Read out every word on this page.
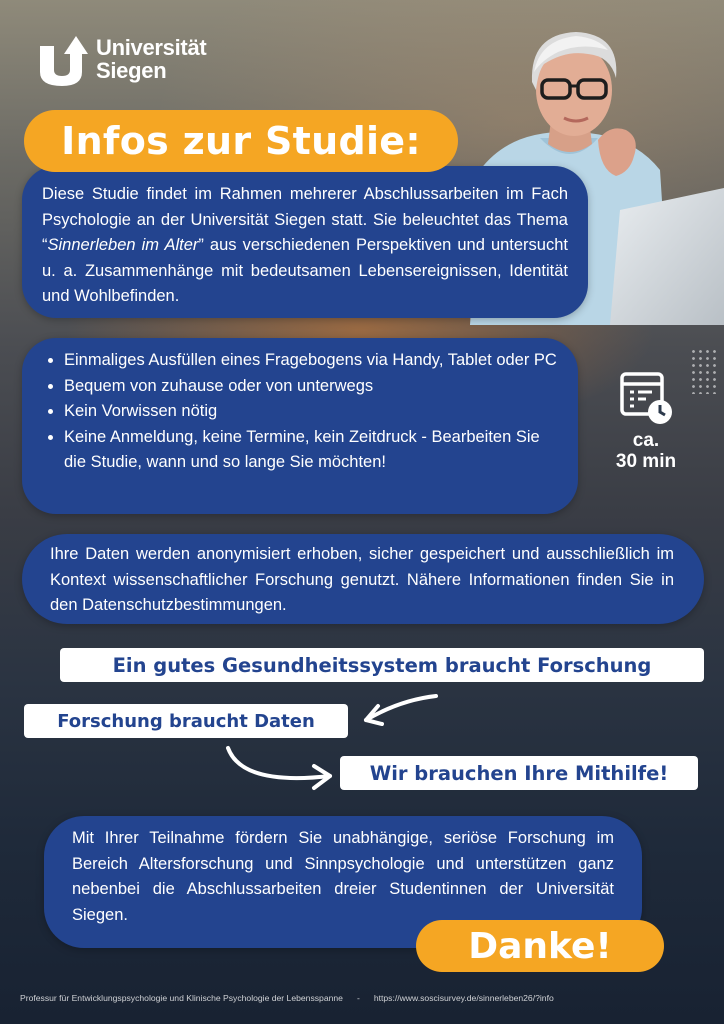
Universität
Siegen
Infos zur Studie:
Diese Studie findet im Rahmen mehrerer Abschlussarbeiten im Fach Psychologie an der Universität Siegen statt. Sie beleuchtet das Thema “Sinnerleben im Alter” aus verschiedenen Perspektiven und untersucht u. a. Zusammenhänge mit bedeutsamen Lebensereignissen, Identität und Wohlbefinden.
• Einmaliges Ausfüllen eines Fragebogens via Handy, Tablet oder PC
• Bequem von zuhause oder von unterwegs
• Kein Vorwissen nötig
• Keine Anmeldung, keine Termine, kein Zeitdruck - Bearbeiten Sie die Studie, wann und so lange Sie möchten!
ca.
30 min
Ihre Daten werden anonymisiert erhoben, sicher gespeichert und ausschließlich im Kontext wissenschaftlicher Forschung genutzt. Nähere Informationen finden Sie in den Datenschutzbestimmungen.
Ein gutes Gesundheitssystem braucht Forschung
Forschung braucht Daten
Wir brauchen Ihre Mithilfe!
Mit Ihrer Teilnahme fördern Sie unabhängige, seriöse Forschung im Bereich Altersforschung und Sinnpsychologie und unterstützen ganz nebenbei die Abschlussarbeiten dreier Studentinnen der Universität Siegen.
Danke!
Professur für Entwicklungspsychologie und Klinische Psychologie der Lebensspanne - https://www.soscisurvey.de/sinnerleben26/?info
